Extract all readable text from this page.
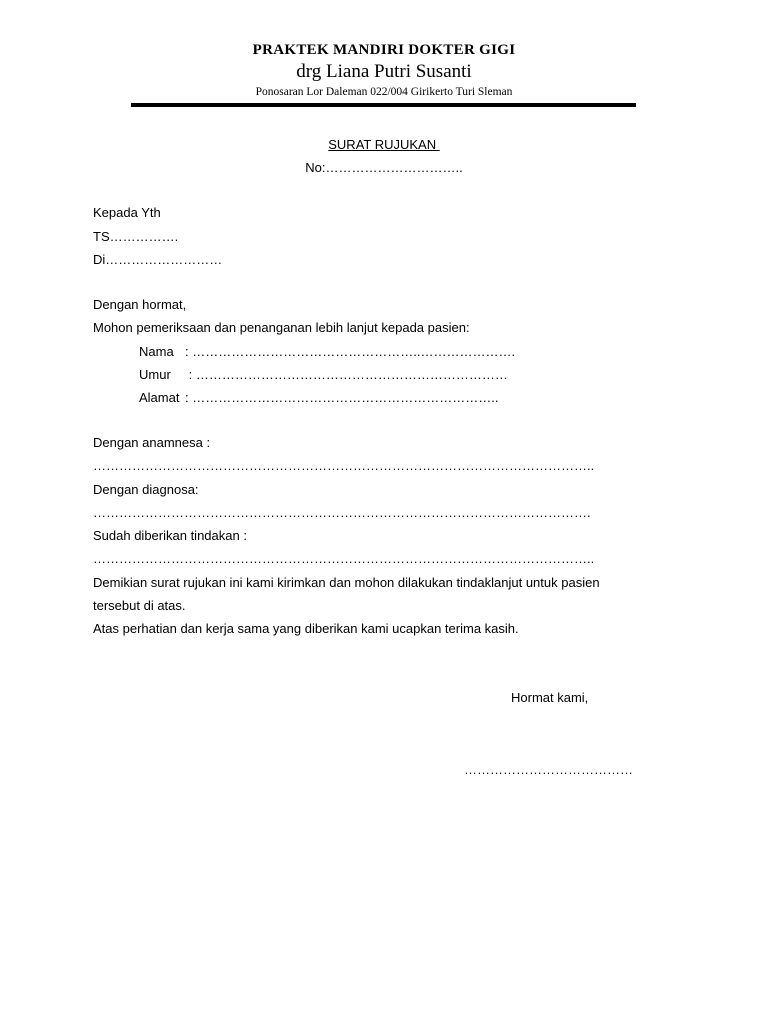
PRAKTEK MANDIRI DOKTER GIGI
drg Liana Putri Susanti
Ponosaran Lor Daleman 022/004 Girikerto Turi Sleman
SURAT RUJUKAN
No:…………………………..
Kepada Yth
TS…………….
Di………………………
Dengan hormat,
Mohon pemeriksaan dan penanganan lebih lanjut kepada pasien:
Nama : ……………………………………………..………………….
Umur : ………………………………………………………………
Alamat : ……………………………………………………………..
Dengan anamnesa :
……………………………………………………………………………………………………..
Dengan diagnosa:
…………………………………………………………………………………………………….
Sudah diberikan tindakan :
……………………………………………………………………………………………………..
Demikian surat rujukan ini kami kirimkan dan mohon dilakukan tindaklanjut untuk pasien
tersebut di atas.
Atas perhatian dan kerja sama yang diberikan kami ucapkan terima kasih.
Hormat kami,
…………………………………
